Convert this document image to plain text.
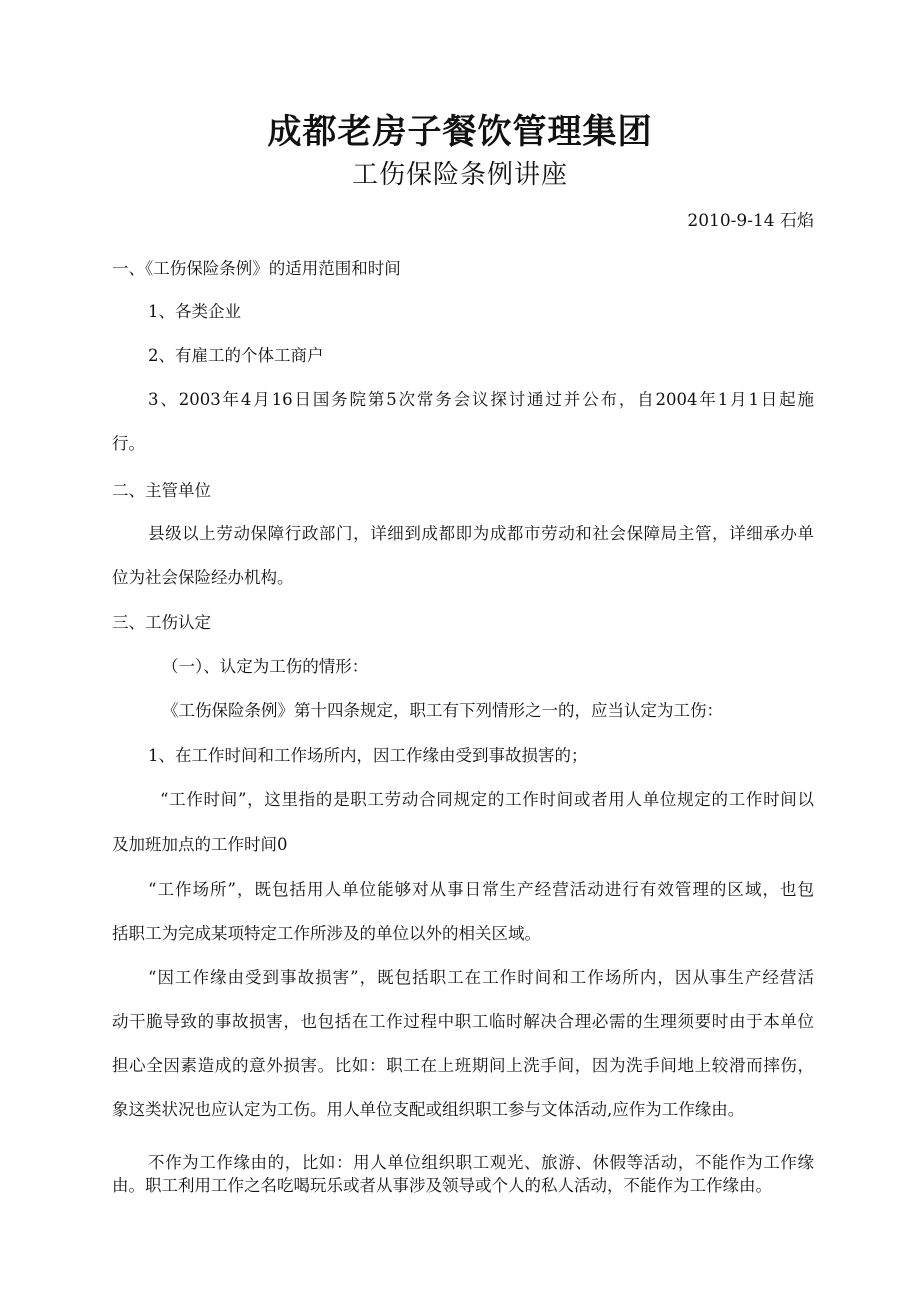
成都老房子餐饮管理集团
工伤保险条例讲座

2010-9-14 石焰

一、《工伤保险条例》的适用范围和时间

1、各类企业

2、有雇工的个体工商户

3、2003年4月16日国务院第5次常务会议探讨通过并公布，自2004年1月1日起施

行。

二、主管单位

县级以上劳动保障行政部门，详细到成都即为成都市劳动和社会保障局主管，详细承办单

位为社会保险经办机构。

三、工伤认定

（一）、认定为工伤的情形：

《工伤保险条例》第十四条规定，职工有下列情形之一的，应当认定为工伤：

1、在工作时间和工作场所内，因工作缘由受到事故损害的；

“工作时间”，这里指的是职工劳动合同规定的工作时间或者用人单位规定的工作时间以

及加班加点的工作时间0

“工作场所”，既包括用人单位能够对从事日常生产经营活动进行有效管理的区域，也包

括职工为完成某项特定工作所涉及的单位以外的相关区域。

“因工作缘由受到事故损害”，既包括职工在工作时间和工作场所内，因从事生产经营活

动干脆导致的事故损害，也包括在工作过程中职工临时解决合理必需的生理须要时由于本单位

担心全因素造成的意外损害。比如：职工在上班期间上洗手间，因为洗手间地上较滑而摔伤，

象这类状况也应认定为工伤。用人单位支配或组织职工参与文体活动,应作为工作缘由。

不作为工作缘由的，比如：用人单位组织职工观光、旅游、休假等活动，不能作为工作缘

由。职工利用工作之名吃喝玩乐或者从事涉及领导或个人的私人活动，不能作为工作缘由。
